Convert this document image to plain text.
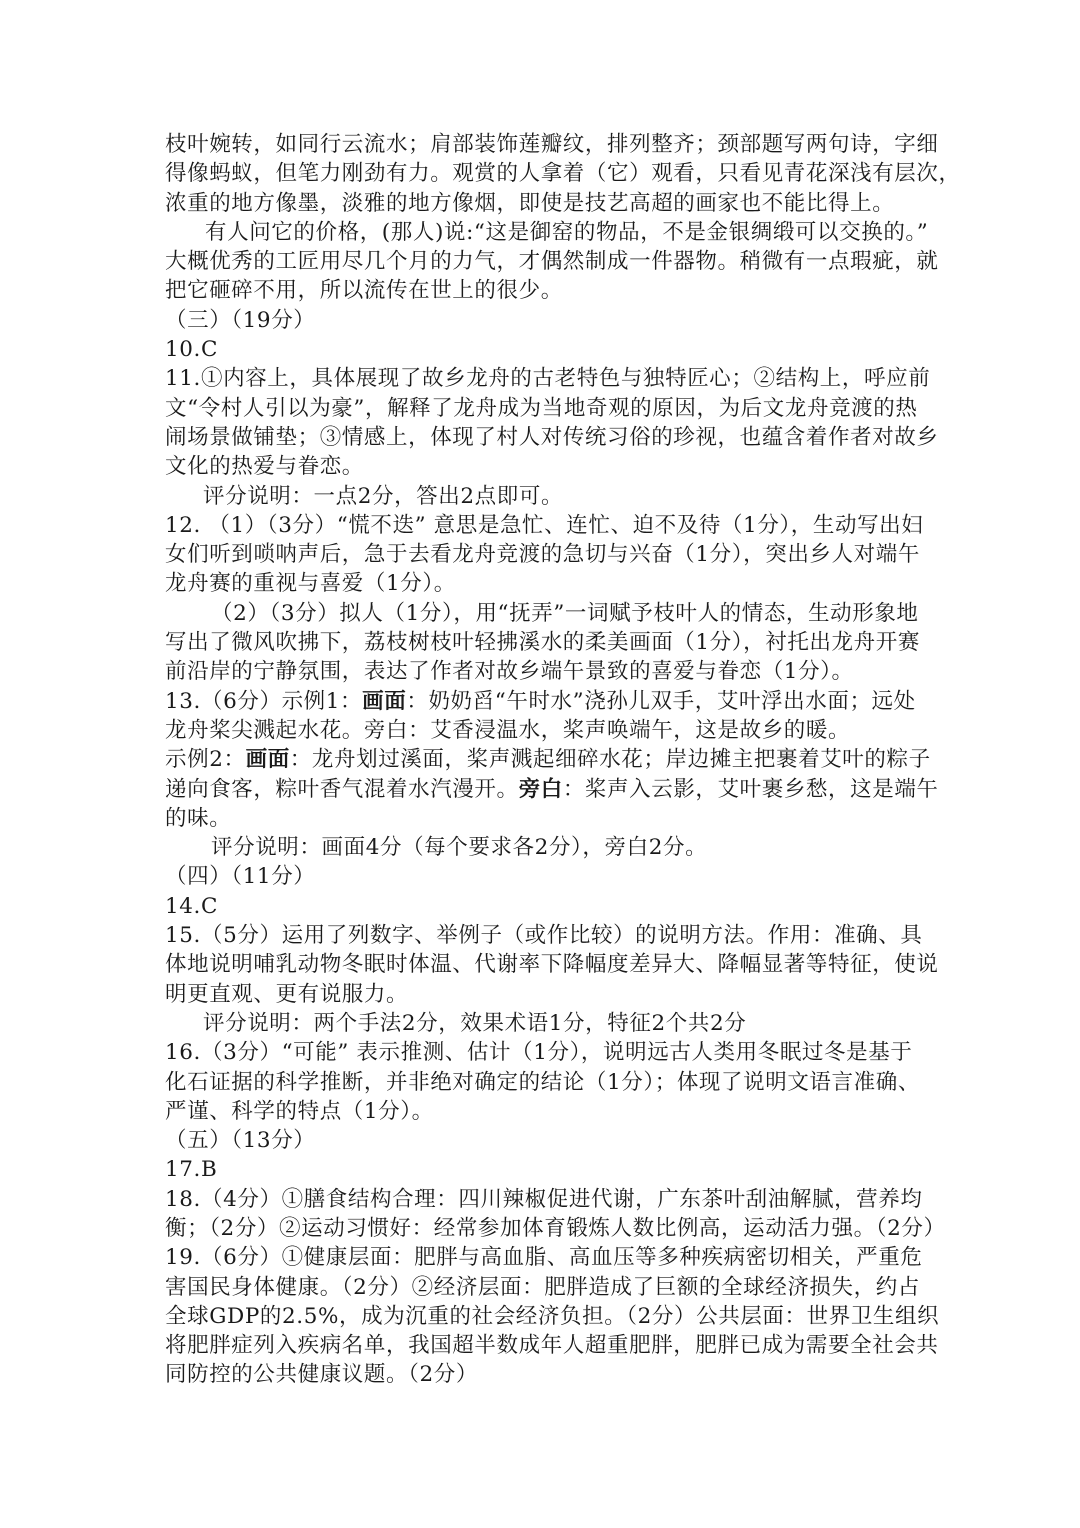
枝叶婉转，如同行云流水；肩部装饰莲瓣纹，排列整齐；颈部题写两句诗，字细
得像蚂蚁，但笔力刚劲有力。观赏的人拿着（它）观看，只看见青花深浅有层次，
浓重的地方像墨，淡雅的地方像烟，即使是技艺高超的画家也不能比得上。
有人问它的价格，(那人)说:“这是御窑的物品，不是金银绸缎可以交换的。”
大概优秀的工匠用尽几个月的力气，才偶然制成一件器物。稍微有一点瑕疵，就
把它砸碎不用，所以流传在世上的很少。
（三）（19分）
10.C
11.①内容上，具体展现了故乡龙舟的古老特色与独特匠心；②结构上，呼应前
文“令村人引以为豪”，解释了龙舟成为当地奇观的原因，为后文龙舟竞渡的热
闹场景做铺垫；③情感上，体现了村人对传统习俗的珍视，也蕴含着作者对故乡
文化的热爱与眷恋。
评分说明：一点2分，答出2点即可。
12. （1）（3分）“慌不迭” 意思是急忙、连忙、迫不及待（1分），生动写出妇
女们听到唢呐声后，急于去看龙舟竞渡的急切与兴奋（1分），突出乡人对端午
龙舟赛的重视与喜爱（1分）。
（2）（3分）拟人（1分），用“抚弄”一词赋予枝叶人的情态，生动形象地
写出了微风吹拂下，荔枝树枝叶轻拂溪水的柔美画面（1分），衬托出龙舟开赛
前沿岸的宁静氛围，表达了作者对故乡端午景致的喜爱与眷恋（1分）。
13.（6分）示例1：画面：奶奶舀“午时水”浇孙儿双手，艾叶浮出水面；远处
龙舟桨尖溅起水花。旁白：艾香浸温水，桨声唤端午，这是故乡的暖。
示例2：画面：龙舟划过溪面，桨声溅起细碎水花；岸边摊主把裹着艾叶的粽子
递向食客，粽叶香气混着水汽漫开。旁白：桨声入云影，艾叶裹乡愁，这是端午
的味。
评分说明：画面4分（每个要求各2分），旁白2分。
（四）（11分）
14.C
15.（5分）运用了列数字、举例子（或作比较）的说明方法。作用：准确、具
体地说明哺乳动物冬眠时体温、代谢率下降幅度差异大、降幅显著等特征，使说
明更直观、更有说服力。
评分说明：两个手法2分，效果术语1分，特征2个共2分
16.（3分）“可能” 表示推测、估计（1分），说明远古人类用冬眠过冬是基于
化石证据的科学推断，并非绝对确定的结论（1分）；体现了说明文语言准确、
严谨、科学的特点（1分）。
（五）（13分）
17.B
18.（4分）①膳食结构合理：四川辣椒促进代谢，广东茶叶刮油解腻，营养均
衡；（2分）②运动习惯好：经常参加体育锻炼人数比例高，运动活力强。（2分）
19.（6分）①健康层面：肥胖与高血脂、高血压等多种疾病密切相关，严重危
害国民身体健康。（2分）②经济层面：肥胖造成了巨额的全球经济损失，约占
全球GDP的2.5%，成为沉重的社会经济负担。（2分）公共层面：世界卫生组织
将肥胖症列入疾病名单，我国超半数成年人超重肥胖，肥胖已成为需要全社会共
同防控的公共健康议题。（2分）
